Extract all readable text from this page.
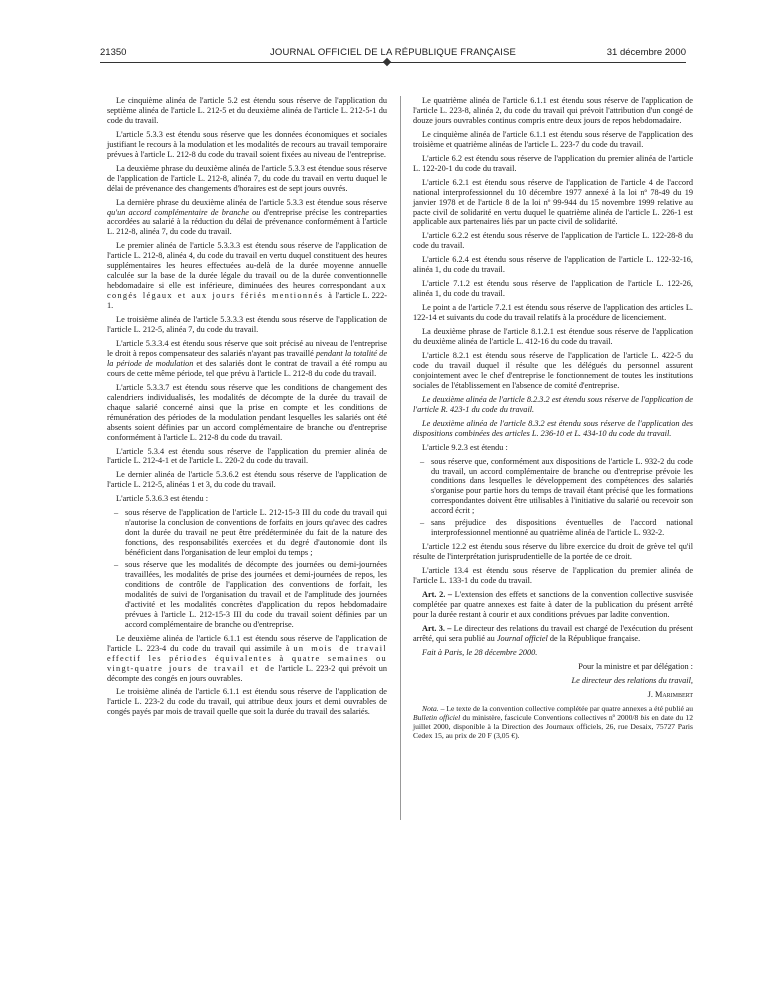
21350	JOURNAL OFFICIEL DE LA RÉPUBLIQUE FRANÇAISE	31 décembre 2000

Le cinquième alinéa de l'article 5.2 est étendu sous réserve de l'application du septième alinéa de l'article L. 212-5 et du deuxième alinéa de l'article L. 212-5-1 du code du travail.

L'article 5.3.3 est étendu sous réserve que les données économiques et sociales justifiant le recours à la modulation et les modalités de recours au travail temporaire prévues à l'article L. 212-8 du code du travail soient fixées au niveau de l'entreprise.

La deuxième phrase du deuxième alinéa de l'article 5.3.3 est étendue sous réserve de l'application de l'article L. 212-8, alinéa 7, du code du travail en vertu duquel le délai de prévenance des changements d'horaires est de sept jours ouvrés.

La dernière phrase du deuxième alinéa de l'article 5.3.3 est étendue sous réserve qu'un accord complémentaire de branche ou d'entreprise précise les contreparties accordées au salarié à la réduction du délai de prévenance conformément à l'article L. 212-8, alinéa 7, du code du travail.

Le premier alinéa de l'article 5.3.3.3 est étendu sous réserve de l'application de l'article L. 212-8, alinéa 4, du code du travail en vertu duquel constituent des heures supplémentaires les heures effectuées au-delà de la durée moyenne annuelle calculée sur la base de la durée légale du travail ou de la durée conventionnelle hebdomadaire si elle est inférieure, diminuées des heures correspondant aux congés légaux et aux jours fériés mentionnés à l'article L. 222-1.

Le troisième alinéa de l'article 5.3.3.3 est étendu sous réserve de l'application de l'article L. 212-5, alinéa 7, du code du travail.

L'article 5.3.3.4 est étendu sous réserve que soit précisé au niveau de l'entreprise le droit à repos compensateur des salariés n'ayant pas travaillé pendant la totalité de la période de modulation et des salariés dont le contrat de travail a été rompu au cours de cette même période, tel que prévu à l'article L. 212-8 du code du travail.

L'article 5.3.3.7 est étendu sous réserve que les conditions de changement des calendriers individualisés, les modalités de décompte de la durée du travail de chaque salarié concerné ainsi que la prise en compte et les conditions de rémunération des périodes de la modulation pendant lesquelles les salariés ont été absents soient définies par un accord complémentaire de branche ou d'entreprise conformément à l'article L. 212-8 du code du travail.

L'article 5.3.4 est étendu sous réserve de l'application du premier alinéa de l'article L. 212-4-1 et de l'article L. 220-2 du code du travail.

Le dernier alinéa de l'article 5.3.6.2 est étendu sous réserve de l'application de l'article L. 212-5, alinéas 1 et 3, du code du travail.

L'article 5.3.6.3 est étendu :

– sous réserve de l'application de l'article L. 212-15-3 III du code du travail qui n'autorise la conclusion de conventions de forfaits en jours qu'avec des cadres dont la durée du travail ne peut être prédéterminée du fait de la nature des fonctions, des responsabilités exercées et du degré d'autonomie dont ils bénéficient dans l'organisation de leur emploi du temps ;
– sous réserve que les modalités de décompte des journées ou demi-journées travaillées, les modalités de prise des journées et demi-journées de repos, les conditions de contrôle de l'application des conventions de forfait, les modalités de suivi de l'organisation du travail et de l'amplitude des journées d'activité et les modalités concrètes d'application du repos hebdomadaire prévues à l'article L. 212-15-3 III du code du travail soient définies par un accord complémentaire de branche ou d'entreprise.

Le deuxième alinéa de l'article 6.1.1 est étendu sous réserve de l'application de l'article L. 223-4 du code du travail qui assimile à un mois de travail effectif les périodes équivalentes à quatre semaines ou vingt-quatre jours de travail et de l'article L. 223-2 qui prévoit un décompte des congés en jours ouvrables.

Le troisième alinéa de l'article 6.1.1 est étendu sous réserve de l'application de l'article L. 223-2 du code du travail, qui attribue deux jours et demi ouvrables de congés payés par mois de travail quelle que soit la durée du travail des salariés.

Le quatrième alinéa de l'article 6.1.1 est étendu sous réserve de l'application de l'article L. 223-8, alinéa 2, du code du travail qui prévoit l'attribution d'un congé de douze jours ouvrables continus compris entre deux jours de repos hebdomadaire.

Le cinquième alinéa de l'article 6.1.1 est étendu sous réserve de l'application des troisième et quatrième alinéas de l'article L. 223-7 du code du travail.

L'article 6.2 est étendu sous réserve de l'application du premier alinéa de l'article L. 122-20-1 du code du travail.

L'article 6.2.1 est étendu sous réserve de l'application de l'article 4 de l'accord national interprofessionnel du 10 décembre 1977 annexé à la loi nº 78-49 du 19 janvier 1978 et de l'article 8 de la loi nº 99-944 du 15 novembre 1999 relative au pacte civil de solidarité en vertu duquel le quatrième alinéa de l'article L. 226-1 est applicable aux partenaires liés par un pacte civil de solidarité.

L'article 6.2.2 est étendu sous réserve de l'application de l'article L. 122-28-8 du code du travail.

L'article 6.2.4 est étendu sous réserve de l'application de l'article L. 122-32-16, alinéa 1, du code du travail.

L'article 7.1.2 est étendu sous réserve de l'application de l'article L. 122-26, alinéa 1, du code du travail.

Le point a de l'article 7.2.1 est étendu sous réserve de l'application des articles L. 122-14 et suivants du code du travail relatifs à la procédure de licenciement.

La deuxième phrase de l'article 8.1.2.1 est étendue sous réserve de l'application du deuxième alinéa de l'article L. 412-16 du code du travail.

L'article 8.2.1 est étendu sous réserve de l'application de l'article L. 422-5 du code du travail duquel il résulte que les délégués du personnel assurent conjointement avec le chef d'entreprise le fonctionnement de toutes les institutions sociales de l'établissement en l'absence de comité d'entreprise.

Le deuxième alinéa de l'article 8.2.3.2 est étendu sous réserve de l'application de l'article R. 423-1 du code du travail.

Le deuxième alinéa de l'article 8.3.2 est étendu sous réserve de l'application des dispositions combinées des articles L. 236-10 et L. 434-10 du code du travail.

L'article 9.2.3 est étendu :

– sous réserve que, conformément aux dispositions de l'article L. 932-2 du code du travail, un accord complémentaire de branche ou d'entreprise prévoie les conditions dans lesquelles le développement des compétences des salariés s'organise pour partie hors du temps de travail étant précisé que les formations correspondantes doivent être utilisables à l'initiative du salarié ou recevoir son accord écrit ;
– sans préjudice des dispositions éventuelles de l'accord national interprofessionnel mentionné au quatrième alinéa de l'article L. 932-2.

L'article 12.2 est étendu sous réserve du libre exercice du droit de grève tel qu'il résulte de l'interprétation jurisprudentielle de la portée de ce droit.

L'article 13.4 est étendu sous réserve de l'application du premier alinéa de l'article L. 133-1 du code du travail.

Art. 2. – L'extension des effets et sanctions de la convention collective susvisée complétée par quatre annexes est faite à dater de la publication du présent arrêté pour la durée restant à courir et aux conditions prévues par ladite convention.

Art. 3. – Le directeur des relations du travail est chargé de l'exécution du présent arrêté, qui sera publié au Journal officiel de la République française.

Fait à Paris, le 28 décembre 2000.

Pour la ministre et par délégation :

Le directeur des relations du travail,

J. Marimbert

Nota. – Le texte de la convention collective complétée par quatre annexes a été publié au Bulletin officiel du ministère, fascicule Conventions collectives nº 2000/8 bis en date du 12 juillet 2000, disponible à la Direction des Journaux officiels, 26, rue Desaix, 75727 Paris Cedex 15, au prix de 20 F (3,05 €).
